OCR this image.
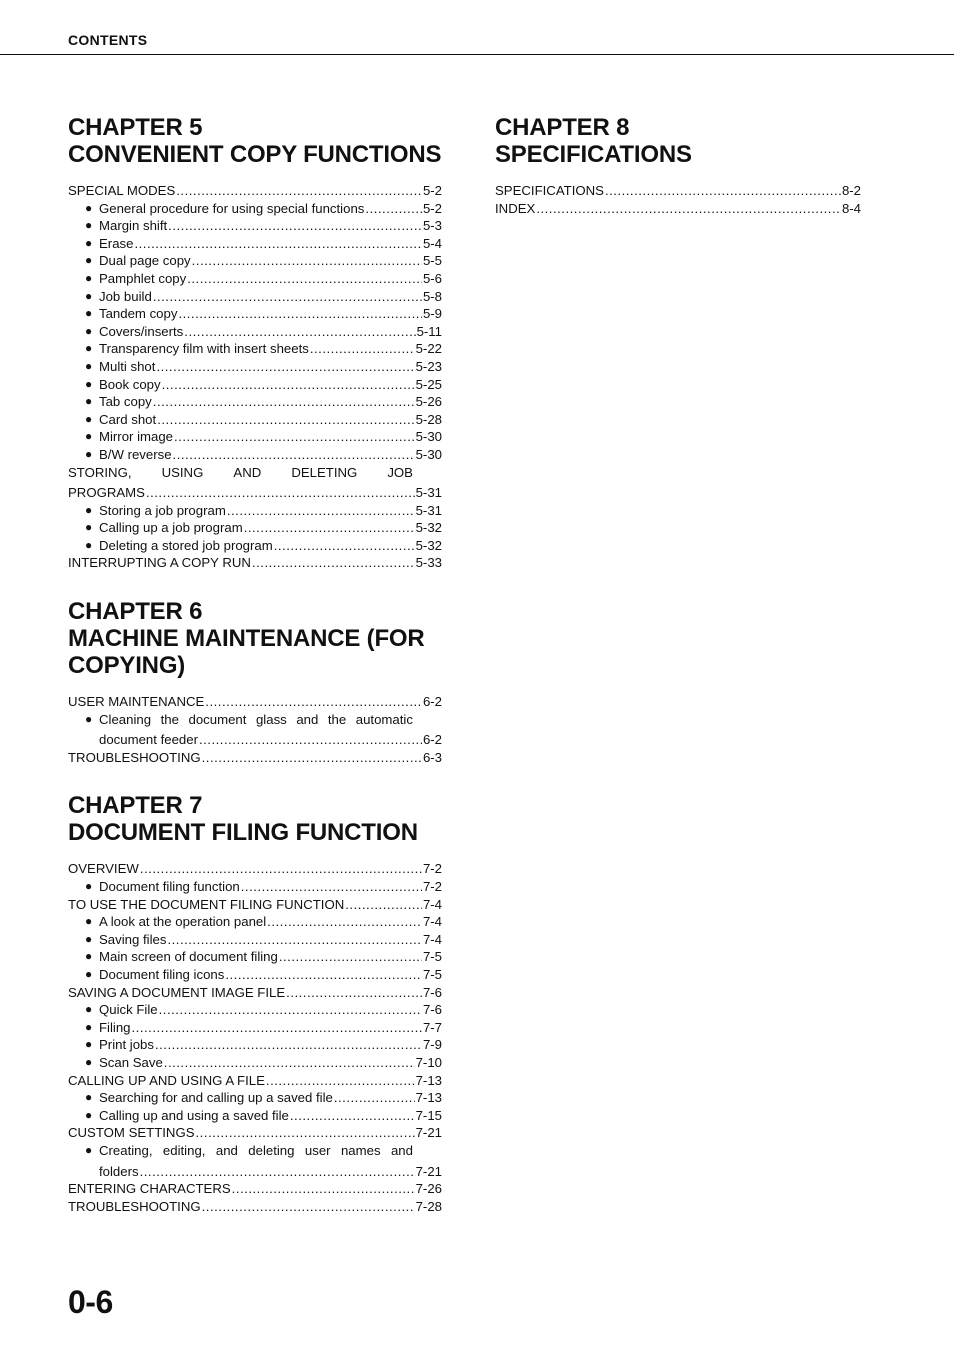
CONTENTS
CHAPTER 5
CONVENIENT COPY FUNCTIONS
SPECIAL MODES .....	5-2
● General procedure for using special functions .....	5-2
● Margin shift .....	5-3
● Erase .....	5-4
● Dual page copy .....	5-5
● Pamphlet copy .....	5-6
● Job build .....	5-8
● Tandem copy .....	5-9
● Covers/inserts .....	5-11
● Transparency film with insert sheets .....	5-22
● Multi shot .....	5-23
● Book copy .....	5-25
● Tab copy .....	5-26
● Card shot .....	5-28
● Mirror image .....	5-30
● B/W reverse .....	5-30
STORING, USING AND DELETING JOB
PROGRAMS .....	5-31
● Storing a job program .....	5-31
● Calling up a job program .....	5-32
● Deleting a stored job program .....	5-32
INTERRUPTING A COPY RUN .....	5-33
CHAPTER 6
MACHINE MAINTENANCE (FOR
COPYING)
USER MAINTENANCE .....	6-2
● Cleaning the document glass and the automatic
document feeder .....	6-2
TROUBLESHOOTING .....	6-3
CHAPTER 7
DOCUMENT FILING FUNCTION
OVERVIEW .....	7-2
● Document filing function .....	7-2
TO USE THE DOCUMENT FILING FUNCTION .....	7-4
● A look at the operation panel .....	7-4
● Saving files .....	7-4
● Main screen of document filing .....	7-5
● Document filing icons .....	7-5
SAVING A DOCUMENT IMAGE FILE .....	7-6
● Quick File .....	7-6
● Filing .....	7-7
● Print jobs .....	7-9
● Scan Save .....	7-10
CALLING UP AND USING A FILE .....	7-13
● Searching for and calling up a saved file .....	7-13
● Calling up and using a saved file .....	7-15
CUSTOM SETTINGS .....	7-21
● Creating, editing, and deleting user names and
folders .....	7-21
ENTERING CHARACTERS .....	7-26
TROUBLESHOOTING .....	7-28
CHAPTER 8
SPECIFICATIONS
SPECIFICATIONS .....	8-2
INDEX .....	8-4
0-6
